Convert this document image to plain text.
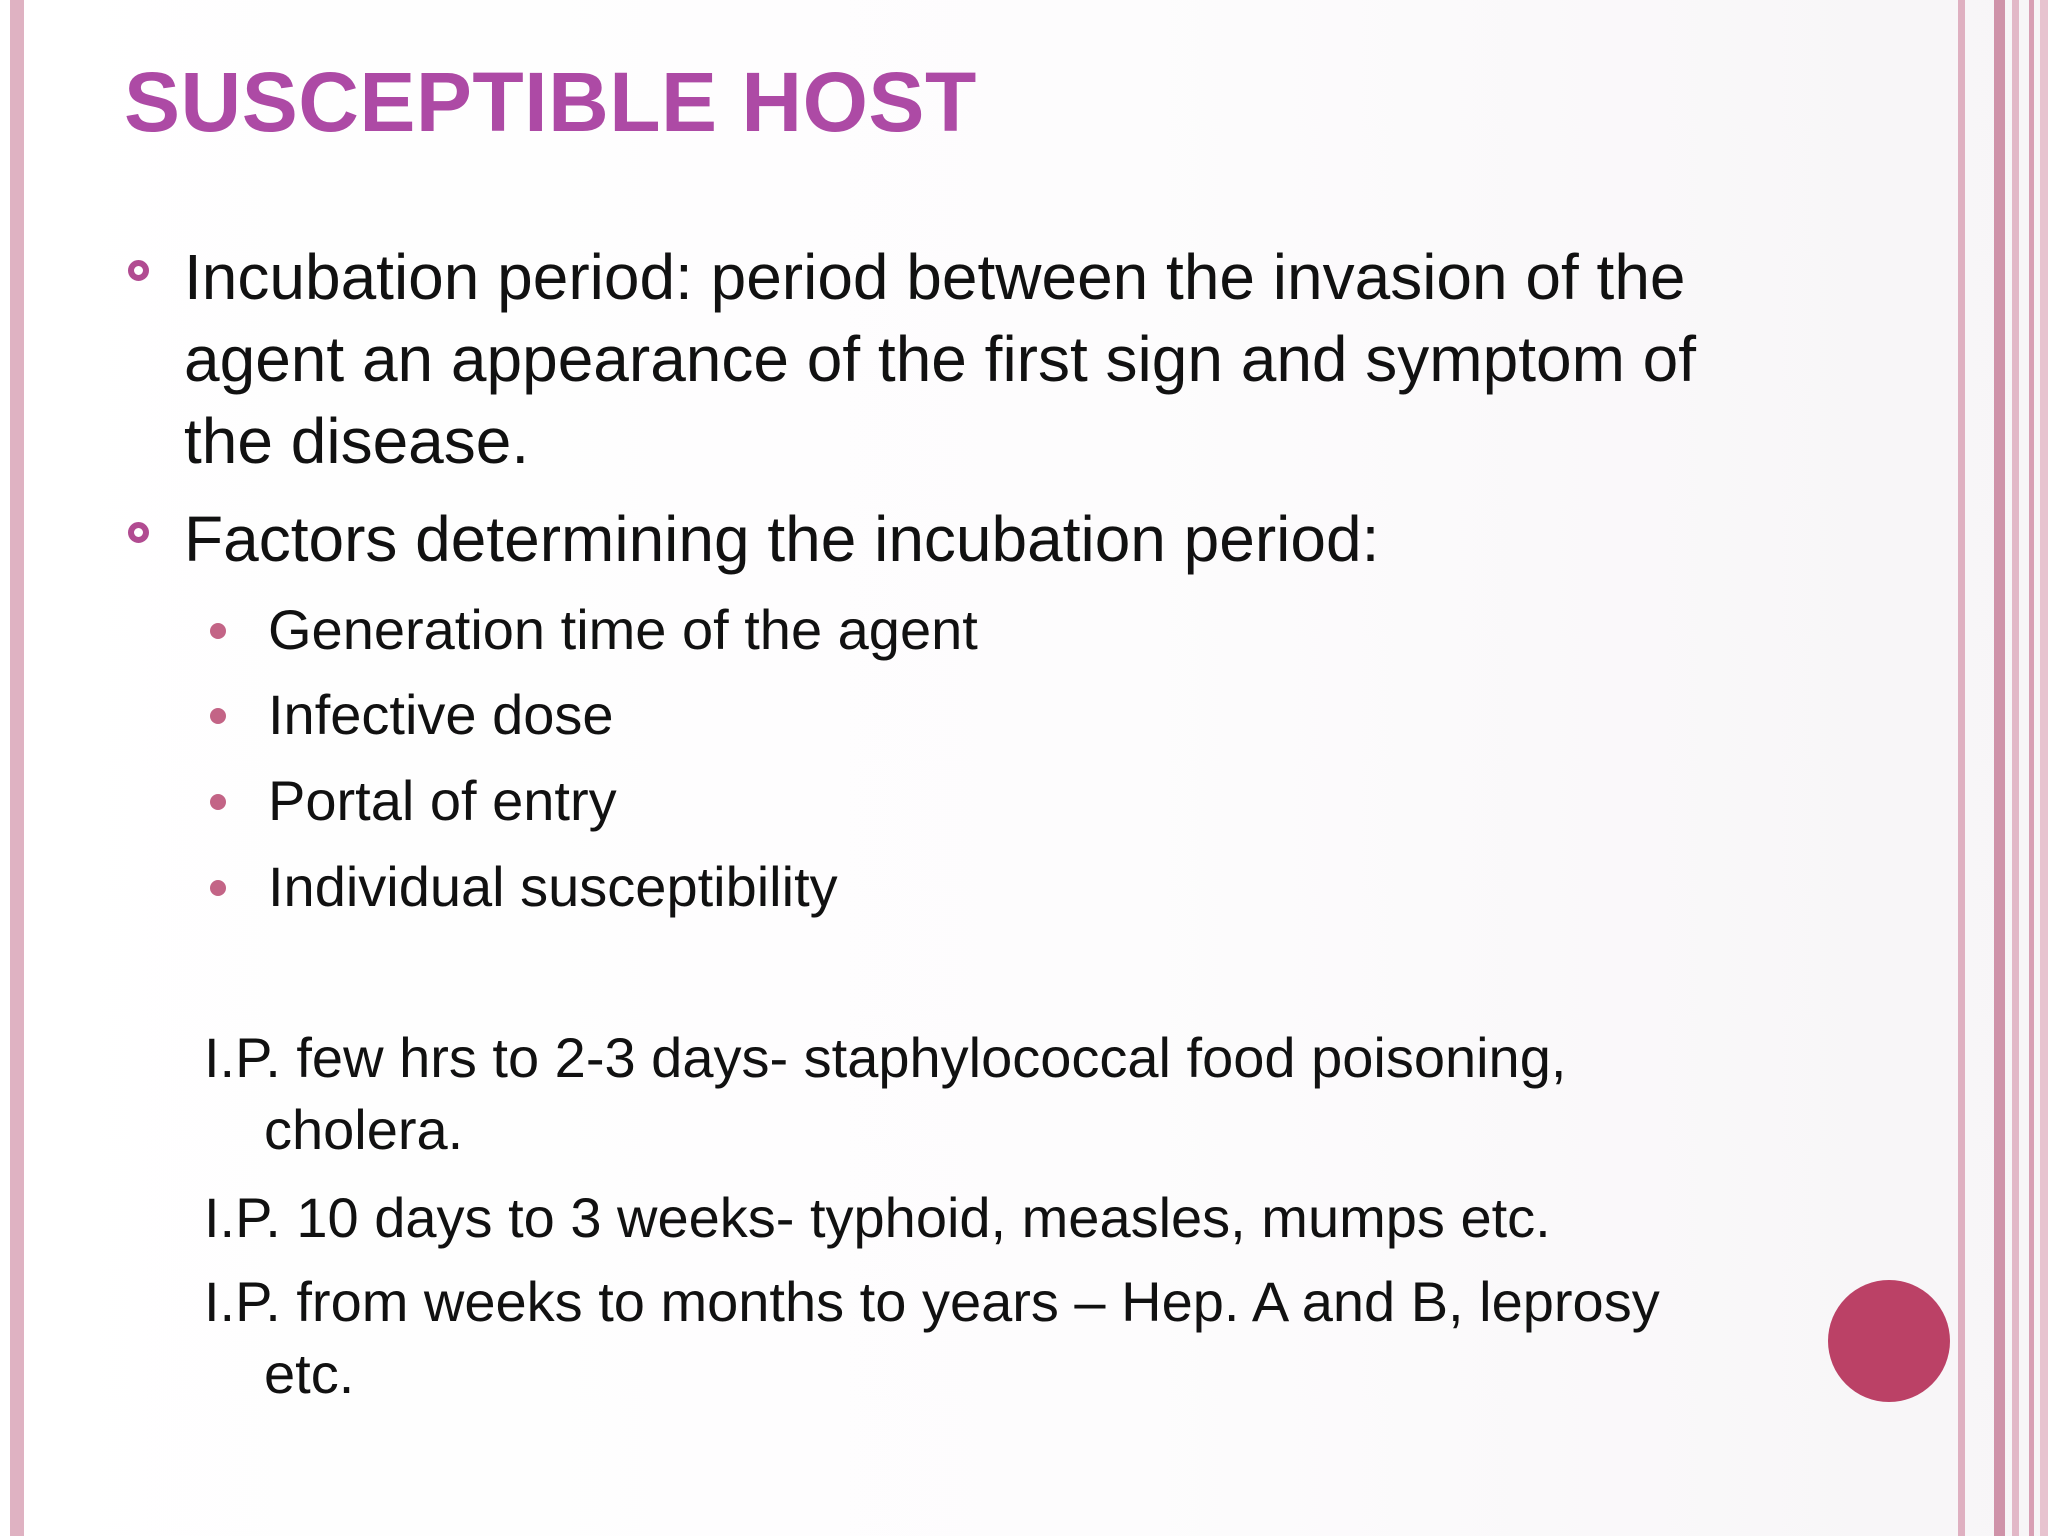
SUSCEPTIBLE HOST
Incubation period: period between the invasion of the agent an appearance of the first sign and symptom of the disease.
Factors determining the incubation period:
Generation time of the agent
Infective dose
Portal of entry
Individual susceptibility
I.P. few hrs to 2-3 days- staphylococcal food poisoning, cholera.
I.P. 10 days to 3 weeks- typhoid, measles, mumps etc.
I.P. from weeks to months to years – Hep. A and B, leprosy etc.
